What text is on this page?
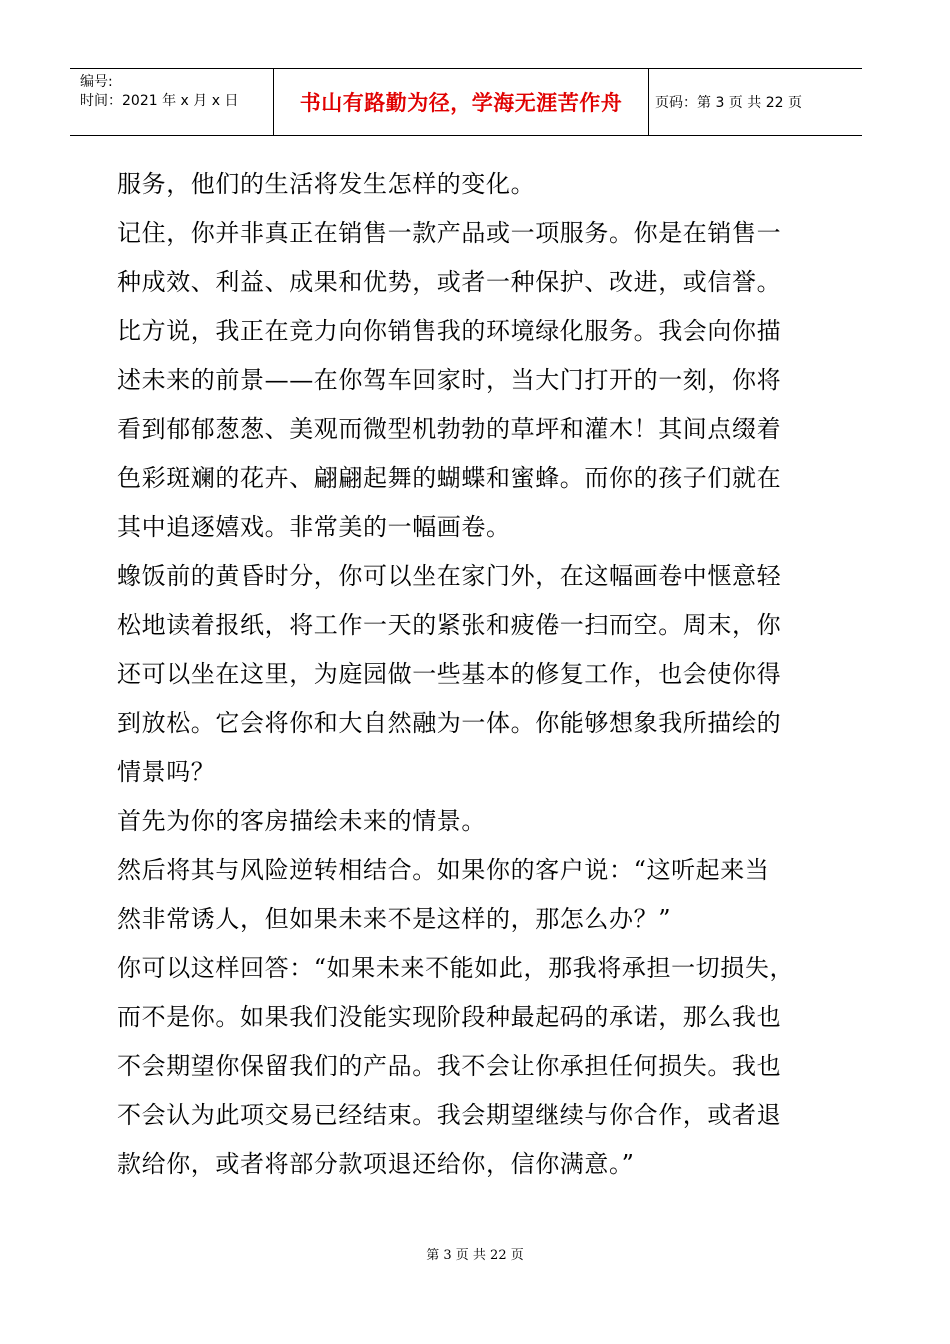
编号:
时间：2021 年 x 月 x 日	书山有路勤为径，学海无涯苦作舟	页码：第 3 页 共 22 页

服务，他们的生活将发生怎样的变化。

记住，你并非真正在销售一款产品或一项服务。你是在销售一

种成效、利益、成果和优势，或者一种保护、改进，或信誉。

比方说，我正在竞力向你销售我的环境绿化服务。我会向你描

述未来的前景——在你驾车回家时，当大门打开的一刻，你将

看到郁郁葱葱、美观而微型机勃勃的草坪和灌木！其间点缀着

色彩斑斓的花卉、翩翩起舞的蝴蝶和蜜蜂。而你的孩子们就在

其中追逐嬉戏。非常美的一幅画卷。

蟓饭前的黄昏时分，你可以坐在家门外，在这幅画卷中惬意轻

松地读着报纸，将工作一天的紧张和疲倦一扫而空。周末，你

还可以坐在这里，为庭园做一些基本的修复工作，也会使你得

到放松。它会将你和大自然融为一体。你能够想象我所描绘的

情景吗？

首先为你的客房描绘未来的情景。

然后将其与风险逆转相结合。如果你的客户说：“这听起来当

然非常诱人，但如果未来不是这样的，那怎么办？”

你可以这样回答：“如果未来不能如此，那我将承担一切损失，

而不是你。如果我们没能实现阶段种最起码的承诺，那么我也

不会期望你保留我们的产品。我不会让你承担任何损失。我也

不会认为此项交易已经结束。我会期望继续与你合作，或者退

款给你，或者将部分款项退还给你，信你满意。”

第 3 页 共 22 页
